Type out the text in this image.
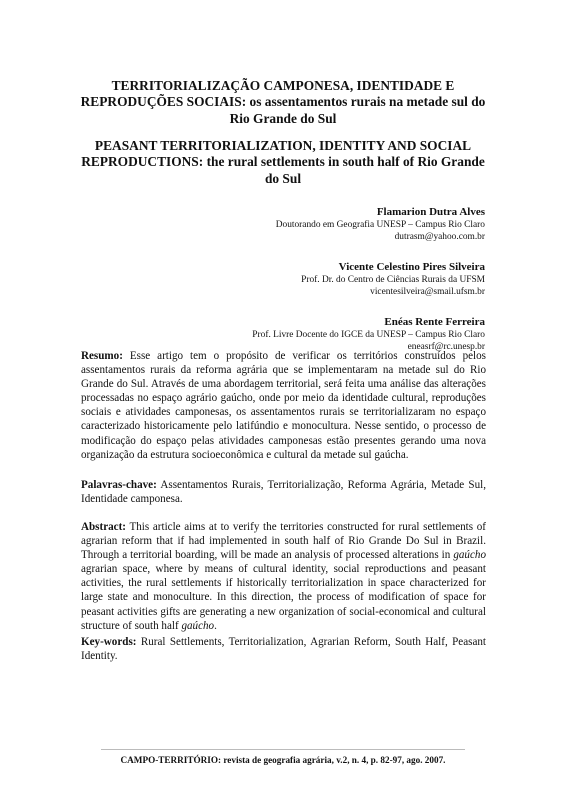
TERRITORIALIZAÇÃO CAMPONESA, IDENTIDADE E
REPRODUÇÕES SOCIAIS: os assentamentos rurais na metade sul do
Rio Grande do Sul
PEASANT TERRITORIALIZATION, IDENTITY AND SOCIAL
REPRODUCTIONS: the rural settlements in south half of Rio Grande
do Sul
Flamarion Dutra Alves
Doutorando em Geografia UNESP – Campus Rio Claro
dutrasm@yahoo.com.br
Vicente Celestino Pires Silveira
Prof. Dr. do Centro de Ciências Rurais da UFSM
vicentesilveira@smail.ufsm.br
Enéas Rente Ferreira
Prof. Livre Docente do IGCE da UNESP – Campus Rio Claro
eneasrf@rc.unesp.br

Resumo: Esse artigo tem o propósito de verificar os territórios construídos pelos assentamentos rurais da reforma agrária que se implementaram na metade sul do Rio Grande do Sul. Através de uma abordagem territorial, será feita uma análise das alterações processadas no espaço agrário gaúcho, onde por meio da identidade cultural, reproduções sociais e atividades camponesas, os assentamentos rurais se territorializaram no espaço caracterizado historicamente pelo latifúndio e monocultura. Nesse sentido, o processo de modificação do espaço pelas atividades camponesas estão presentes gerando uma nova organização da estrutura socioeconômica e cultural da metade sul gaúcha.

Palavras-chave: Assentamentos Rurais, Territorialização, Reforma Agrária, Metade Sul, Identidade camponesa.

Abstract: This article aims at to verify the territories constructed for rural settlements of agrarian reform that if had implemented in south half of Rio Grande Do Sul in Brazil. Through a territorial boarding, will be made an analysis of processed alterations in gaúcho agrarian space, where by means of cultural identity, social reproductions and peasant activities, the rural settlements if historically territorialization in space characterized for large state and monoculture. In this direction, the process of modification of space for peasant activities gifts are generating a new organization of social-economical and cultural structure of south half gaúcho.

Key-words: Rural Settlements, Territorialization, Agrarian Reform, South Half, Peasant Identity.

CAMPO-TERRITÓRIO: revista de geografia agrária, v.2, n. 4, p. 82-97, ago. 2007.
